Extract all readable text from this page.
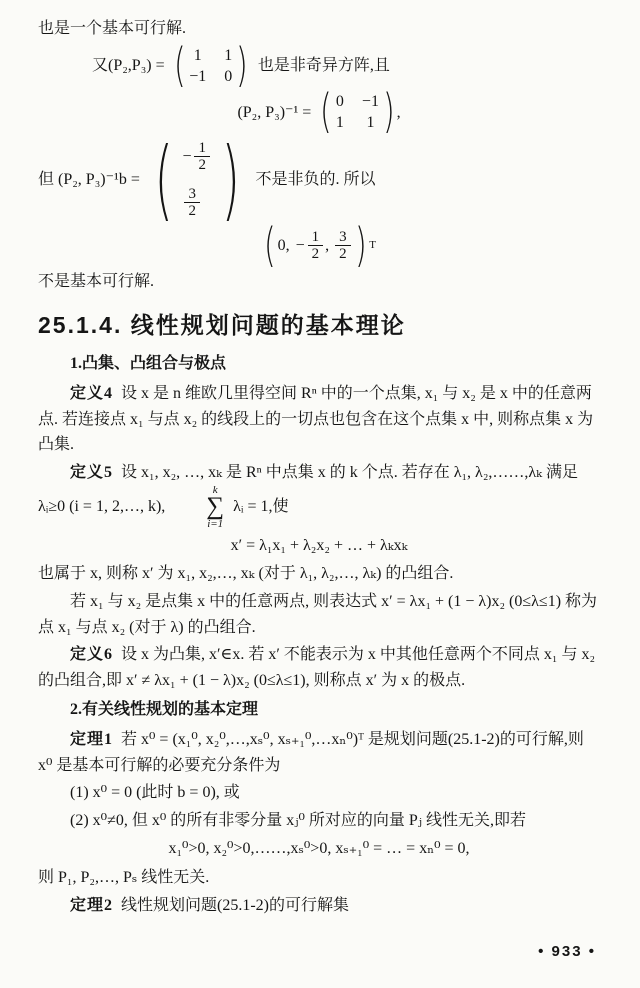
也是一个基本可行解.

又(P₂,P₃) = ( 1 1
−1 0 ) 也是非奇异方阵,且
(P₂, P₃)⁻¹ = ( 0 −1
1 1 ) ,
但 (P₂, P₃)⁻¹b = ( − $\frac{1}{2}$
$\frac{3}{2}$ ) 不是非负的. 所以
( 0, − $\frac{1}{2}$ , $\frac{3}{2}$ ) T

不是基本可行解.

25.1.4. 线性规划问题的基本理论

1.凸集、凸组合与极点

定义4 设 x 是 n 维欧几里得空间 Rⁿ 中的一个点集, x₁ 与 x₂ 是 x 中的任意两点. 若连接点 x₁ 与点 x₂ 的线段上的一切点也包含在这个点集 x 中, 则称点集 x 为凸集.

定义5 设 x₁, x₂, …, xₖ 是 Rⁿ 中点集 x 的 k 个点. 若存在 λ₁, λ₂,……,λₖ 满足 λᵢ≥0 (i = 1, 2,…, k),
k
∑
i=1
λᵢ = 1,使

x′ = λ₁x₁ + λ₂x₂ + … + λₖxₖ

也属于 x, 则称 x′ 为 x₁, x₂,…, xₖ (对于 λ₁, λ₂,…, λₖ) 的凸组合.

若 x₁ 与 x₂ 是点集 x 中的任意两点, 则表达式 x′ = λx₁ + (1 − λ)x₂ (0≤λ≤1) 称为点 x₁ 与点 x₂ (对于 λ) 的凸组合.

定义6 设 x 为凸集, x′∈x. 若 x′ 不能表示为 x 中其他任意两个不同点 x₁ 与 x₂ 的凸组合,即 x′ ≠ λx₁ + (1 − λ)x₂ (0≤λ≤1), 则称点 x′ 为 x 的极点.

2.有关线性规划的基本定理

定理1 若 x⁰ = (x₁⁰, x₂⁰,…,xₛ⁰, xₛ₊₁⁰,…xₙ⁰)ᵀ 是规划问题(25.1-2)的可行解,则 x⁰ 是基本可行解的必要充分条件为

(1) x⁰ = 0 (此时 b = 0), 或

(2) x⁰≠0, 但 x⁰ 的所有非零分量 xⱼ⁰ 所对应的向量 Pⱼ 线性无关,即若

x₁⁰>0, x₂⁰>0,……,xₛ⁰>0, xₛ₊₁⁰ = … = xₙ⁰ = 0,

则 P₁, P₂,…, Pₛ 线性无关.

定理2 线性规划问题(25.1-2)的可行解集

• 933 •
